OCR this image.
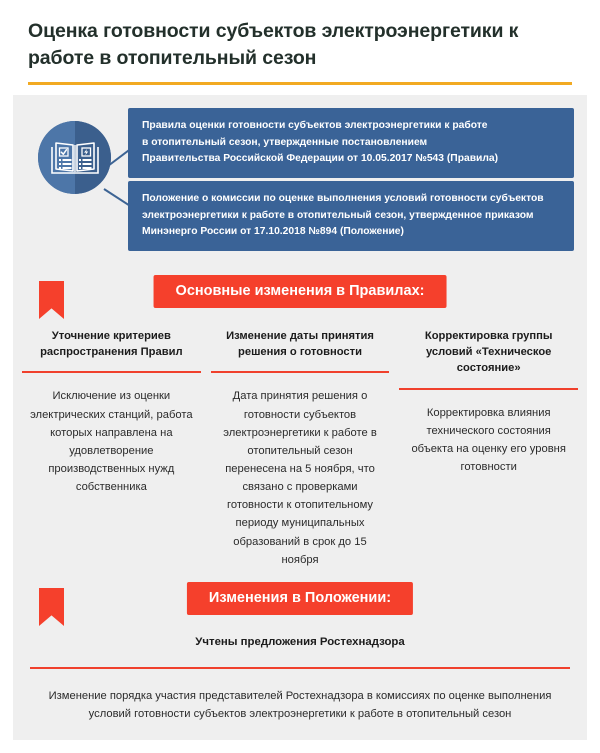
Оценка готовности субъектов электроэнергетики к работе в отопительный сезон

Правила оценки готовности субъектов электроэнергетики к работе

в отопительный сезон, утвержденные постановлением

Правительства Российской Федерации от 10.05.2017 №543 (Правила)

Положение о комиссии по оценке выполнения условий готовности субъектов

электроэнергетики к работе в отопительный сезон, утвержденное приказом

Минэнерго России от 17.10.2018 №894 (Положение)

Основные изменения в Правилах:
Уточнение критериев распространения Правил
Исключение из оценки электрических станций, работа которых направлена на удовлетворение производственных нужд собственника
Изменение даты принятия решения о готовности
Дата принятия решения о готовности субъектов электроэнергетики к работе в отопительный сезон перенесена на 5 ноября, что связано с проверками готовности к отопительному периоду муниципальных образований в срок до 15 ноября
Корректировка группы условий «Техническое состояние»
Корректировка влияния технического состояния объекта на оценку его уровня готовности
Изменения в Положении:
Учтены предложения Ростехнадзора
Изменение порядка участия представителей Ростехнадзора в комиссиях по оценке выполнения условий готовности субъектов электроэнергетики к работе в отопительный сезон
